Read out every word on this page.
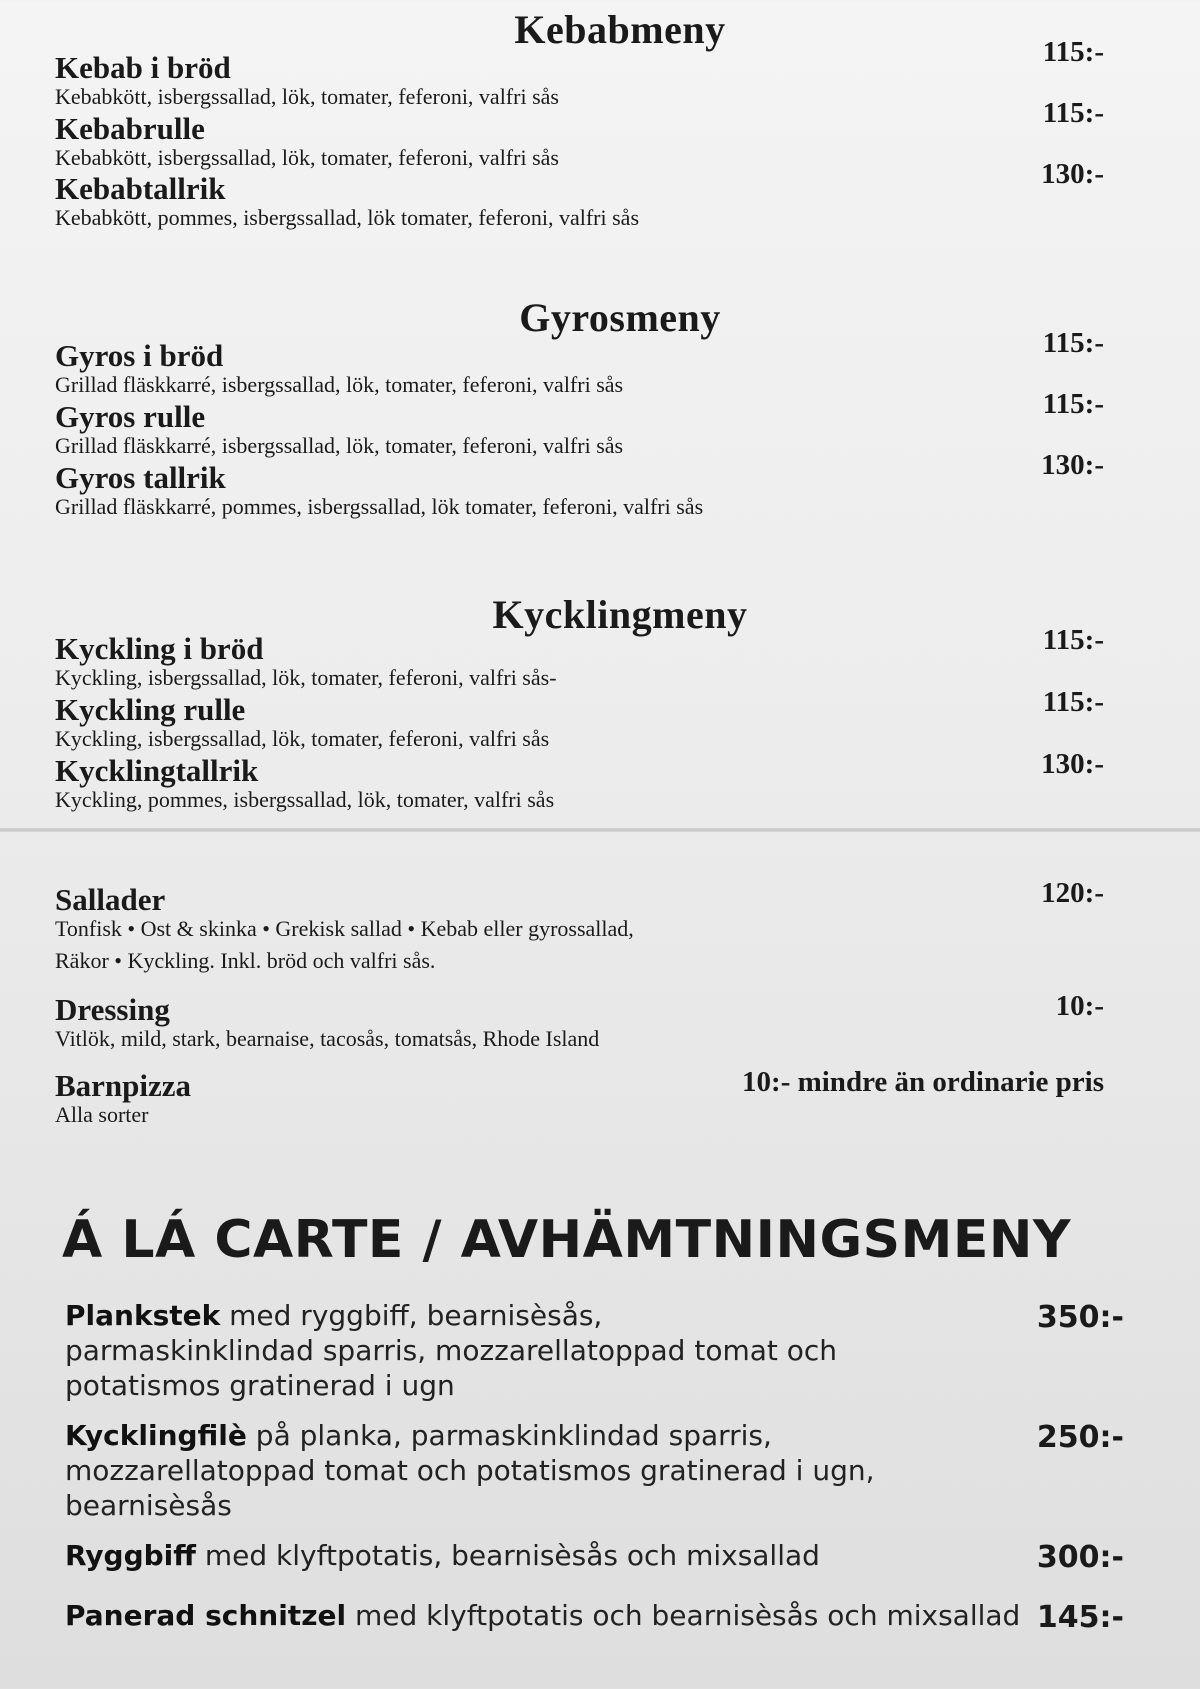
Kebabmeny
Kebab i bröd
Kebabkött, isbergssallad, lök, tomater, feferoni, valfri sås
115:-
Kebabrulle
Kebabkött, isbergssallad, lök, tomater, feferoni, valfri sås
115:-
Kebabtallrik
Kebabkött, pommes, isbergssallad, lök tomater, feferoni, valfri sås
130:-
Gyrosmeny
Gyros i bröd
Grillad fläskkarré, isbergssallad, lök, tomater, feferoni, valfri sås
115:-
Gyros rulle
Grillad fläskkarré, isbergssallad, lök, tomater, feferoni, valfri sås
115:-
Gyros tallrik
Grillad fläskkarré, pommes, isbergssallad, lök tomater, feferoni, valfri sås
130:-
Kycklingmeny
Kyckling i bröd
Kyckling, isbergssallad, lök, tomater, feferoni, valfri sås-
115:-
Kyckling rulle
Kyckling, isbergssallad, lök, tomater, feferoni, valfri sås
115:-
Kycklingtallrik
Kyckling, pommes, isbergssallad, lök, tomater, valfri sås
130:-
Sallader
Tonfisk • Ost & skinka • Grekisk sallad • Kebab eller gyrossallad,
Räkor • Kyckling. Inkl. bröd och valfri sås.
120:-
Dressing
Vitlök, mild, stark, bearnaise, tacosås, tomatsås, Rhode Island
10:-
Barnpizza
Alla sorter
10:- mindre än ordinarie pris
Á LÁ CARTE / AVHÄMTNINGSMENY
Plankstek med ryggbiff, bearnisèsås,
parmaskinklindad sparris, mozzarellatoppad tomat och
potatismos gratinerad i ugn
350:-
Kycklingfilè på planka, parmaskinklindad sparris,
mozzarellatoppad tomat och potatismos gratinerad i ugn,
bearnisèsås
250:-
Ryggbiff med klyftpotatis, bearnisèsås och mixsallad	300:-
Panerad schnitzel med klyftpotatis och bearnisèsås och mixsallad 145:-
